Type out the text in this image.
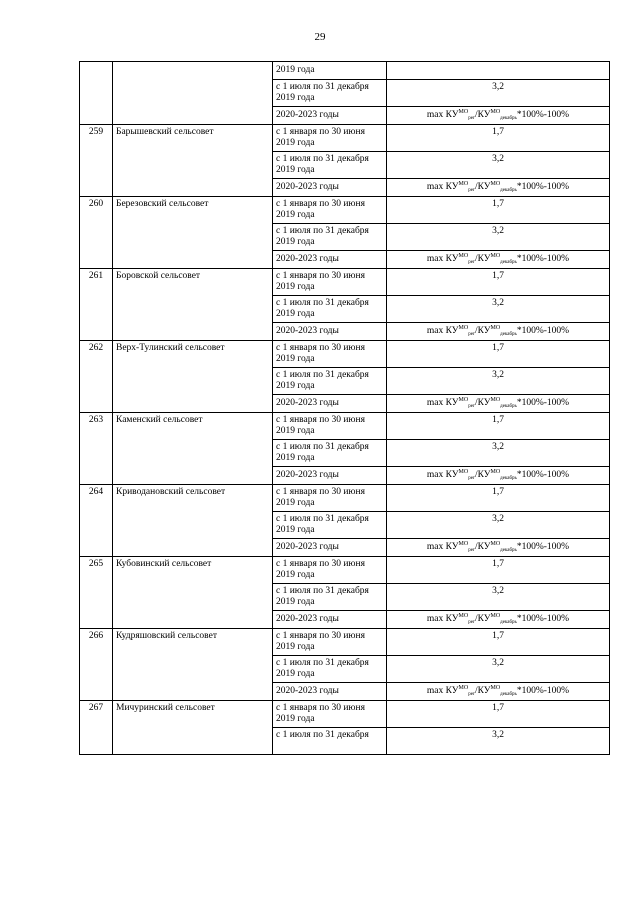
29
		2019 года	
		с 1 июля по 31 декабря 2019 года	3,2
		2020-2023 годы	$\max КУ^{МО}_{рег}/КУ^{МО}_{декабрь}*100\%-100\%$
259	Барышевский сельсовет	с 1 января по 30 июня 2019 года	1,7
		с 1 июля по 31 декабря 2019 года	3,2
		2020-2023 годы	$\max КУ^{МО}_{рег}/КУ^{МО}_{декабрь}*100\%-100\%$
260	Березовский сельсовет	с 1 января по 30 июня 2019 года	1,7
		с 1 июля по 31 декабря 2019 года	3,2
		2020-2023 годы	$\max КУ^{МО}_{рег}/КУ^{МО}_{декабрь}*100\%-100\%$
261	Боровской сельсовет	с 1 января по 30 июня 2019 года	1,7
		с 1 июля по 31 декабря 2019 года	3,2
		2020-2023 годы	$\max КУ^{МО}_{рег}/КУ^{МО}_{декабрь}*100\%-100\%$
262	Верх-Тулинский сельсовет	с 1 января по 30 июня 2019 года	1,7
		с 1 июля по 31 декабря 2019 года	3,2
		2020-2023 годы	$\max КУ^{МО}_{рег}/КУ^{МО}_{декабрь}*100\%-100\%$
263	Каменский сельсовет	с 1 января по 30 июня 2019 года	1,7
		с 1 июля по 31 декабря 2019 года	3,2
		2020-2023 годы	$\max КУ^{МО}_{рег}/КУ^{МО}_{декабрь}*100\%-100\%$
264	Криводановский сельсовет	с 1 января по 30 июня 2019 года	1,7
		с 1 июля по 31 декабря 2019 года	3,2
		2020-2023 годы	$\max КУ^{МО}_{рег}/КУ^{МО}_{декабрь}*100\%-100\%$
265	Кубовинский сельсовет	с 1 января по 30 июня 2019 года	1,7
		с 1 июля по 31 декабря 2019 года	3,2
		2020-2023 годы	$\max КУ^{МО}_{рег}/КУ^{МО}_{декабрь}*100\%-100\%$
266	Кудряшовский сельсовет	с 1 января по 30 июня 2019 года	1,7
		с 1 июля по 31 декабря 2019 года	3,2
		2020-2023 годы	$\max КУ^{МО}_{рег}/КУ^{МО}_{декабрь}*100\%-100\%$
267	Мичуринский сельсовет	с 1 января по 30 июня 2019 года	1,7
		с 1 июля по 31 декабря	3,2
